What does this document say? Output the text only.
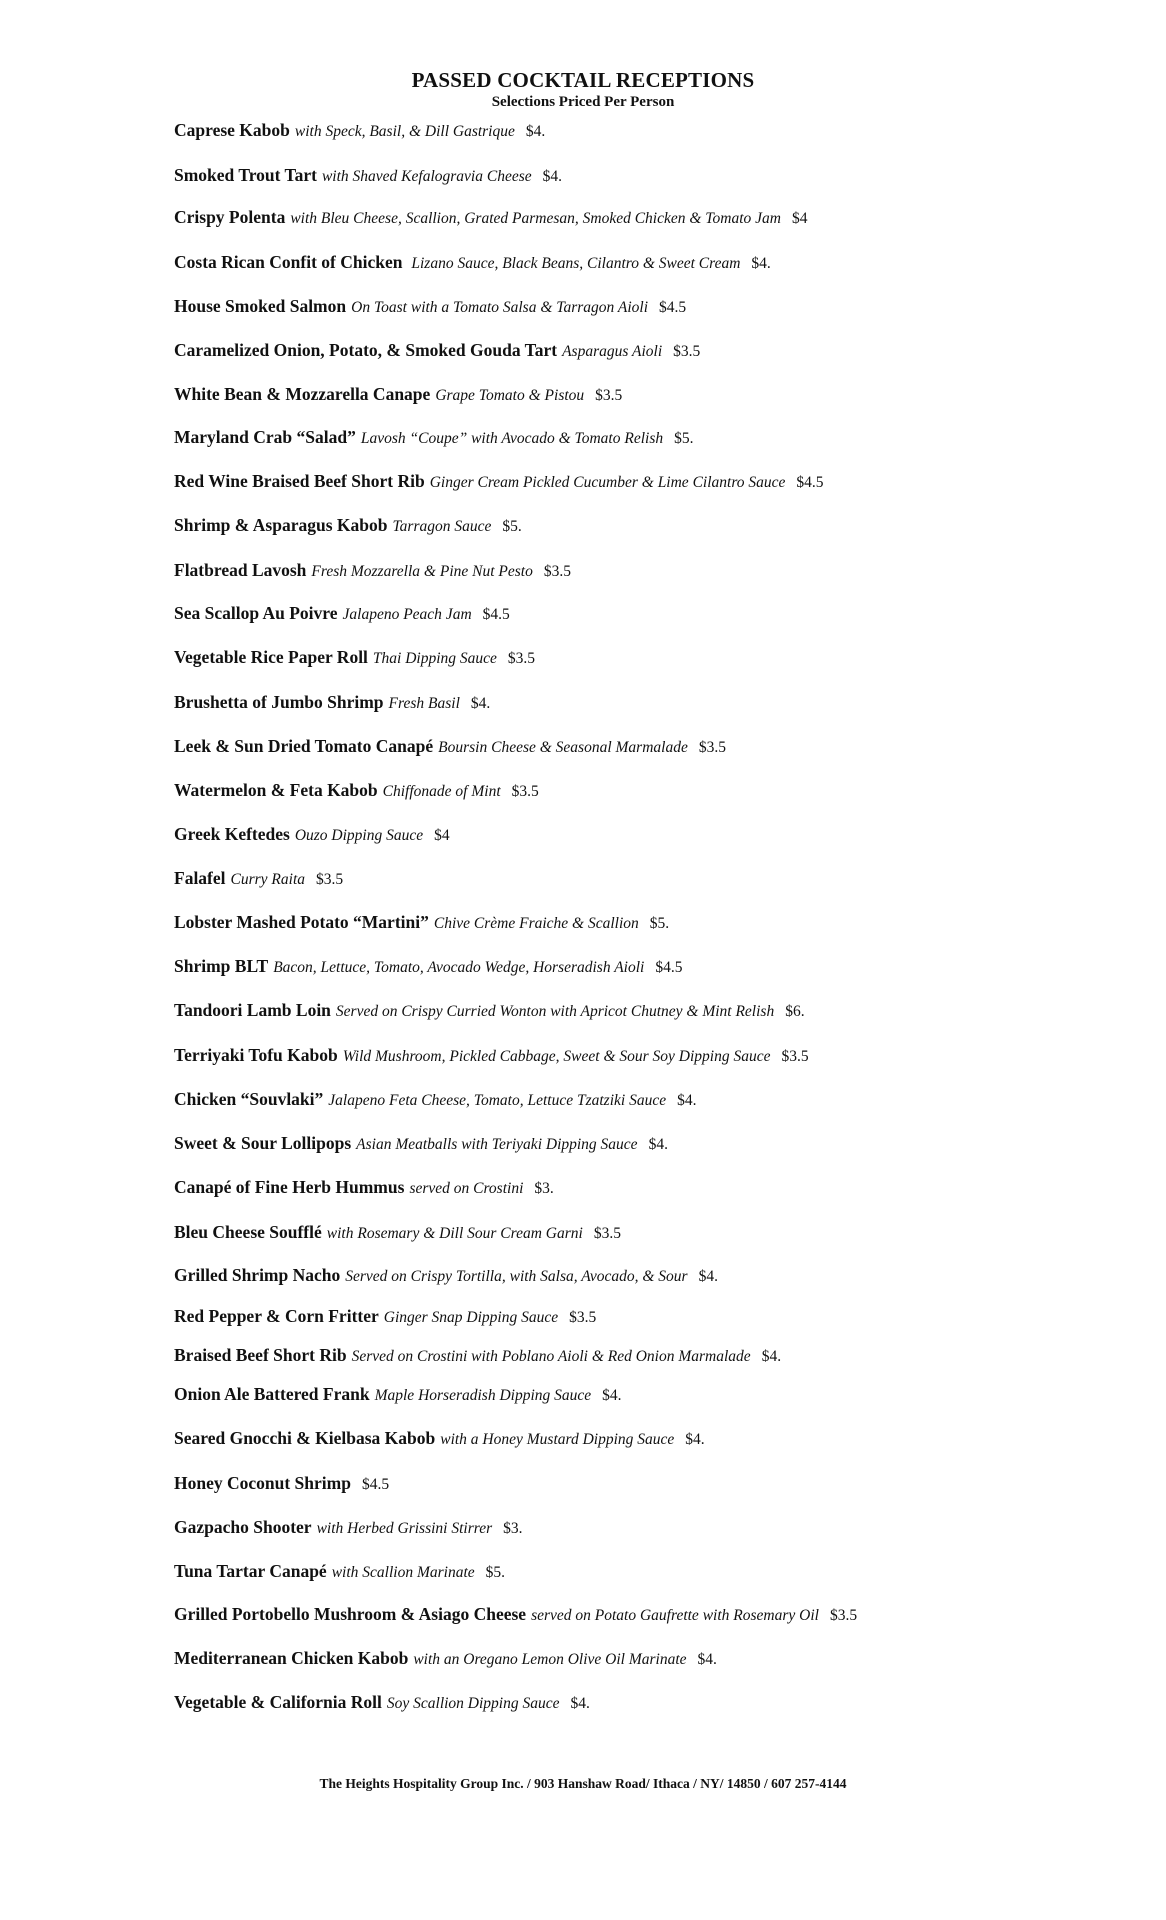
PASSED COCKTAIL RECEPTIONS
Selections Priced Per Person
Caprese Kabob with Speck, Basil, & Dill Gastrique $4.
Smoked Trout Tart with Shaved Kefalogravia Cheese $4.
Crispy Polenta with Bleu Cheese, Scallion, Grated Parmesan, Smoked Chicken & Tomato Jam $4
Costa Rican Confit of Chicken Lizano Sauce, Black Beans, Cilantro & Sweet Cream $4.
House Smoked Salmon On Toast with a Tomato Salsa & Tarragon Aioli $4.5
Caramelized Onion, Potato, & Smoked Gouda Tart Asparagus Aioli $3.5
White Bean & Mozzarella Canape Grape Tomato & Pistou $3.5
Maryland Crab “Salad” Lavosh “Coupe” with Avocado & Tomato Relish $5.
Red Wine Braised Beef Short Rib Ginger Cream Pickled Cucumber & Lime Cilantro Sauce $4.5
Shrimp & Asparagus Kabob Tarragon Sauce $5.
Flatbread Lavosh Fresh Mozzarella & Pine Nut Pesto $3.5
Sea Scallop Au Poivre Jalapeno Peach Jam $4.5
Vegetable Rice Paper Roll Thai Dipping Sauce $3.5
Brushetta of Jumbo Shrimp Fresh Basil $4.
Leek & Sun Dried Tomato Canapé Boursin Cheese & Seasonal Marmalade $3.5
Watermelon & Feta Kabob Chiffonade of Mint $3.5
Greek Keftedes Ouzo Dipping Sauce $4
Falafel Curry Raita $3.5
Lobster Mashed Potato “Martini” Chive Crème Fraiche & Scallion $5.
Shrimp BLT Bacon, Lettuce, Tomato, Avocado Wedge, Horseradish Aioli $4.5
Tandoori Lamb Loin Served on Crispy Curried Wonton with Apricot Chutney & Mint Relish $6.
Terriyaki Tofu Kabob Wild Mushroom, Pickled Cabbage, Sweet & Sour Soy Dipping Sauce $3.5
Chicken “Souvlaki” Jalapeno Feta Cheese, Tomato, Lettuce Tzatziki Sauce $4.
Sweet & Sour Lollipops Asian Meatballs with Teriyaki Dipping Sauce $4.
Canapé of Fine Herb Hummus served on Crostini $3.
Bleu Cheese Soufflé with Rosemary & Dill Sour Cream Garni $3.5
Grilled Shrimp Nacho Served on Crispy Tortilla, with Salsa, Avocado, & Sour $4.
Red Pepper & Corn Fritter Ginger Snap Dipping Sauce $3.5
Braised Beef Short Rib Served on Crostini with Poblano Aioli & Red Onion Marmalade $4.
Onion Ale Battered Frank Maple Horseradish Dipping Sauce $4.
Seared Gnocchi & Kielbasa Kabob with a Honey Mustard Dipping Sauce $4.
Honey Coconut Shrimp $4.5
Gazpacho Shooter with Herbed Grissini Stirrer $3.
Tuna Tartar Canapé with Scallion Marinate $5.
Grilled Portobello Mushroom & Asiago Cheese served on Potato Gaufrette with Rosemary Oil $3.5
Mediterranean Chicken Kabob with an Oregano Lemon Olive Oil Marinate $4.
Vegetable & California Roll Soy Scallion Dipping Sauce $4.
The Heights Hospitality Group Inc. / 903 Hanshaw Road/ Ithaca / NY/ 14850 / 607 257-4144
